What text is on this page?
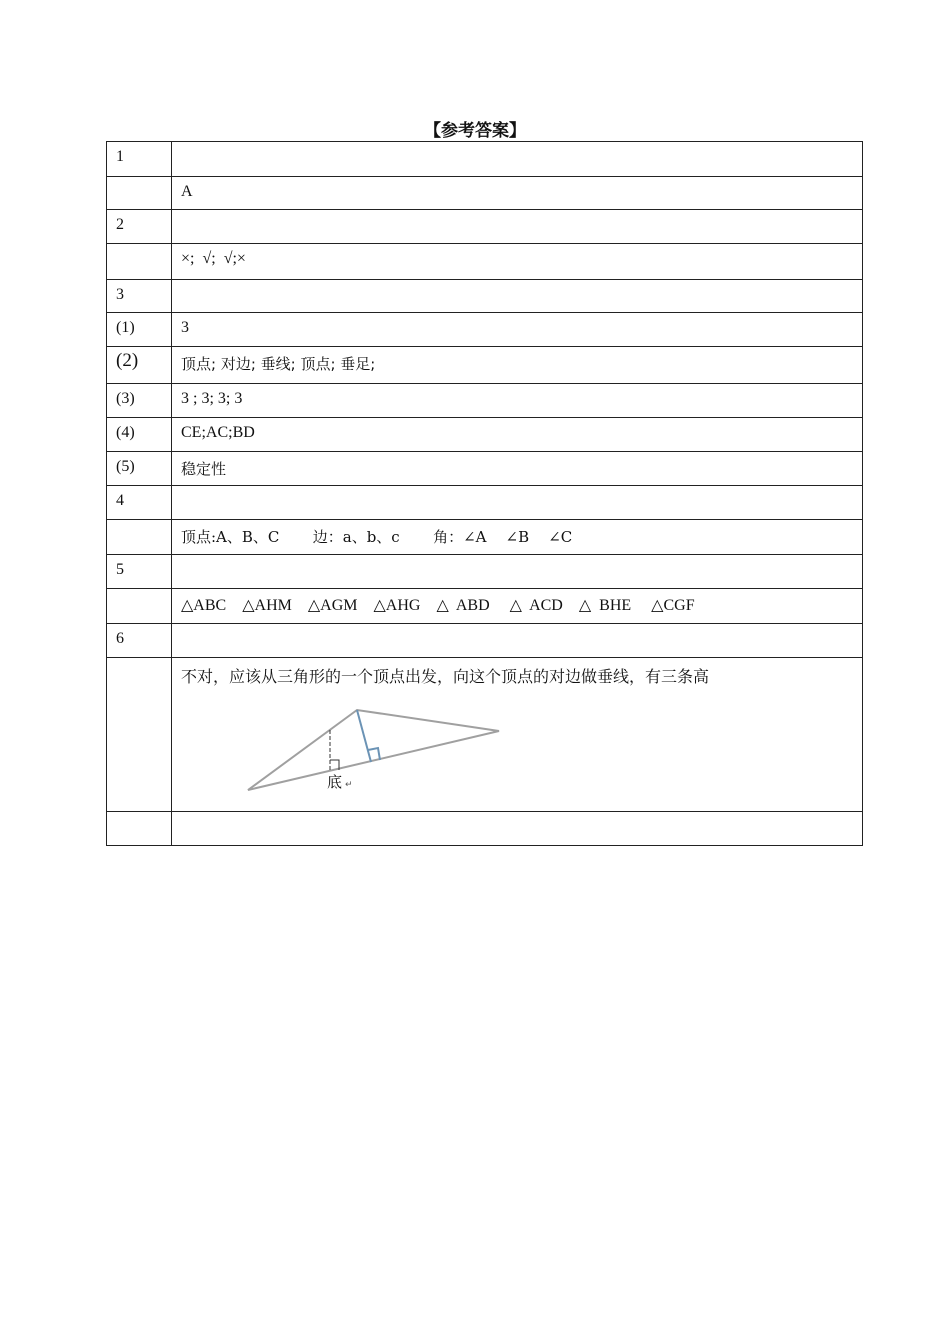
【参考答案】
1	

	A

2	

	×;  √;  √;×

3	

(1)	3

(2)	顶点; 对边; 垂线; 顶点; 垂足;

(3)	3 ; 3; 3; 3

(4)	CE;AC;BD

(5)	稳定性

4	

	顶点:A、B、C       边：a、b、c       角：∠A    ∠B    ∠C

5	

	△ABC    △AHM    △AGM    △AHG    △  ABD     △  ACD    △  BHE     △CGF

6	

	不对，应该从三角形的一个顶点出发，向这个顶点的对边做垂线，有三条高
底 ↵
